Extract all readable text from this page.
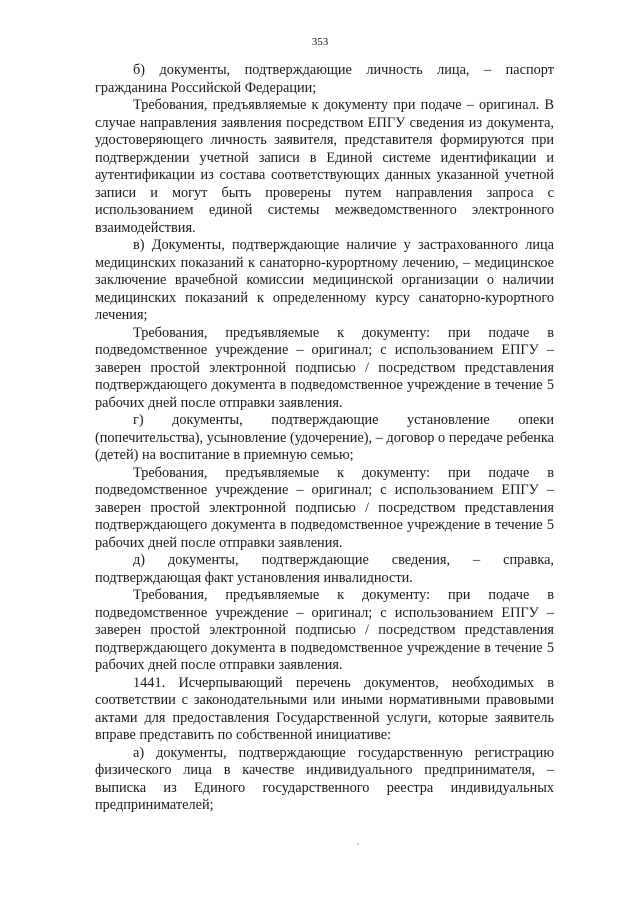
353

б) документы, подтверждающие личность лица, – паспорт гражданина Российской Федерации;

Требования, предъявляемые к документу при подаче – оригинал. В случае направления заявления посредством ЕПГУ сведения из документа, удостоверяющего личность заявителя, представителя формируются при подтверждении учетной записи в Единой системе идентификации и аутентификации из состава соответствующих данных указанной учетной записи и могут быть проверены путем направления запроса с использованием единой системы межведомственного электронного взаимодействия.

в) Документы, подтверждающие наличие у застрахованного лица медицинских показаний к санаторно-курортному лечению, – медицинское заключение врачебной комиссии медицинской организации о наличии медицинских показаний к определенному курсу санаторно-курортного лечения;

Требования, предъявляемые к документу: при подаче в подведомственное учреждение – оригинал; с использованием ЕПГУ – заверен простой электронной подписью / посредством представления подтверждающего документа в подведомственное учреждение в течение 5 рабочих дней после отправки заявления.

г) документы, подтверждающие установление опеки (попечительства), усыновление (удочерение), – договор о передаче ребенка (детей) на воспитание в приемную семью;

Требования, предъявляемые к документу: при подаче в подведомственное учреждение – оригинал; с использованием ЕПГУ – заверен простой электронной подписью / посредством представления подтверждающего документа в подведомственное учреждение в течение 5 рабочих дней после отправки заявления.

д) документы, подтверждающие сведения, – справка, подтверждающая факт установления инвалидности.

Требования, предъявляемые к документу: при подаче в подведомственное учреждение – оригинал; с использованием ЕПГУ – заверен простой электронной подписью / посредством представления подтверждающего документа в подведомственное учреждение в течение 5 рабочих дней после отправки заявления.

1441. Исчерпывающий перечень документов, необходимых в соответствии с законодательными или иными нормативными правовыми актами для предоставления Государственной услуги, которые заявитель вправе представить по собственной инициативе:

а) документы, подтверждающие государственную регистрацию физического лица в качестве индивидуального предпринимателя, – выписка из Единого государственного реестра индивидуальных предпринимателей;
